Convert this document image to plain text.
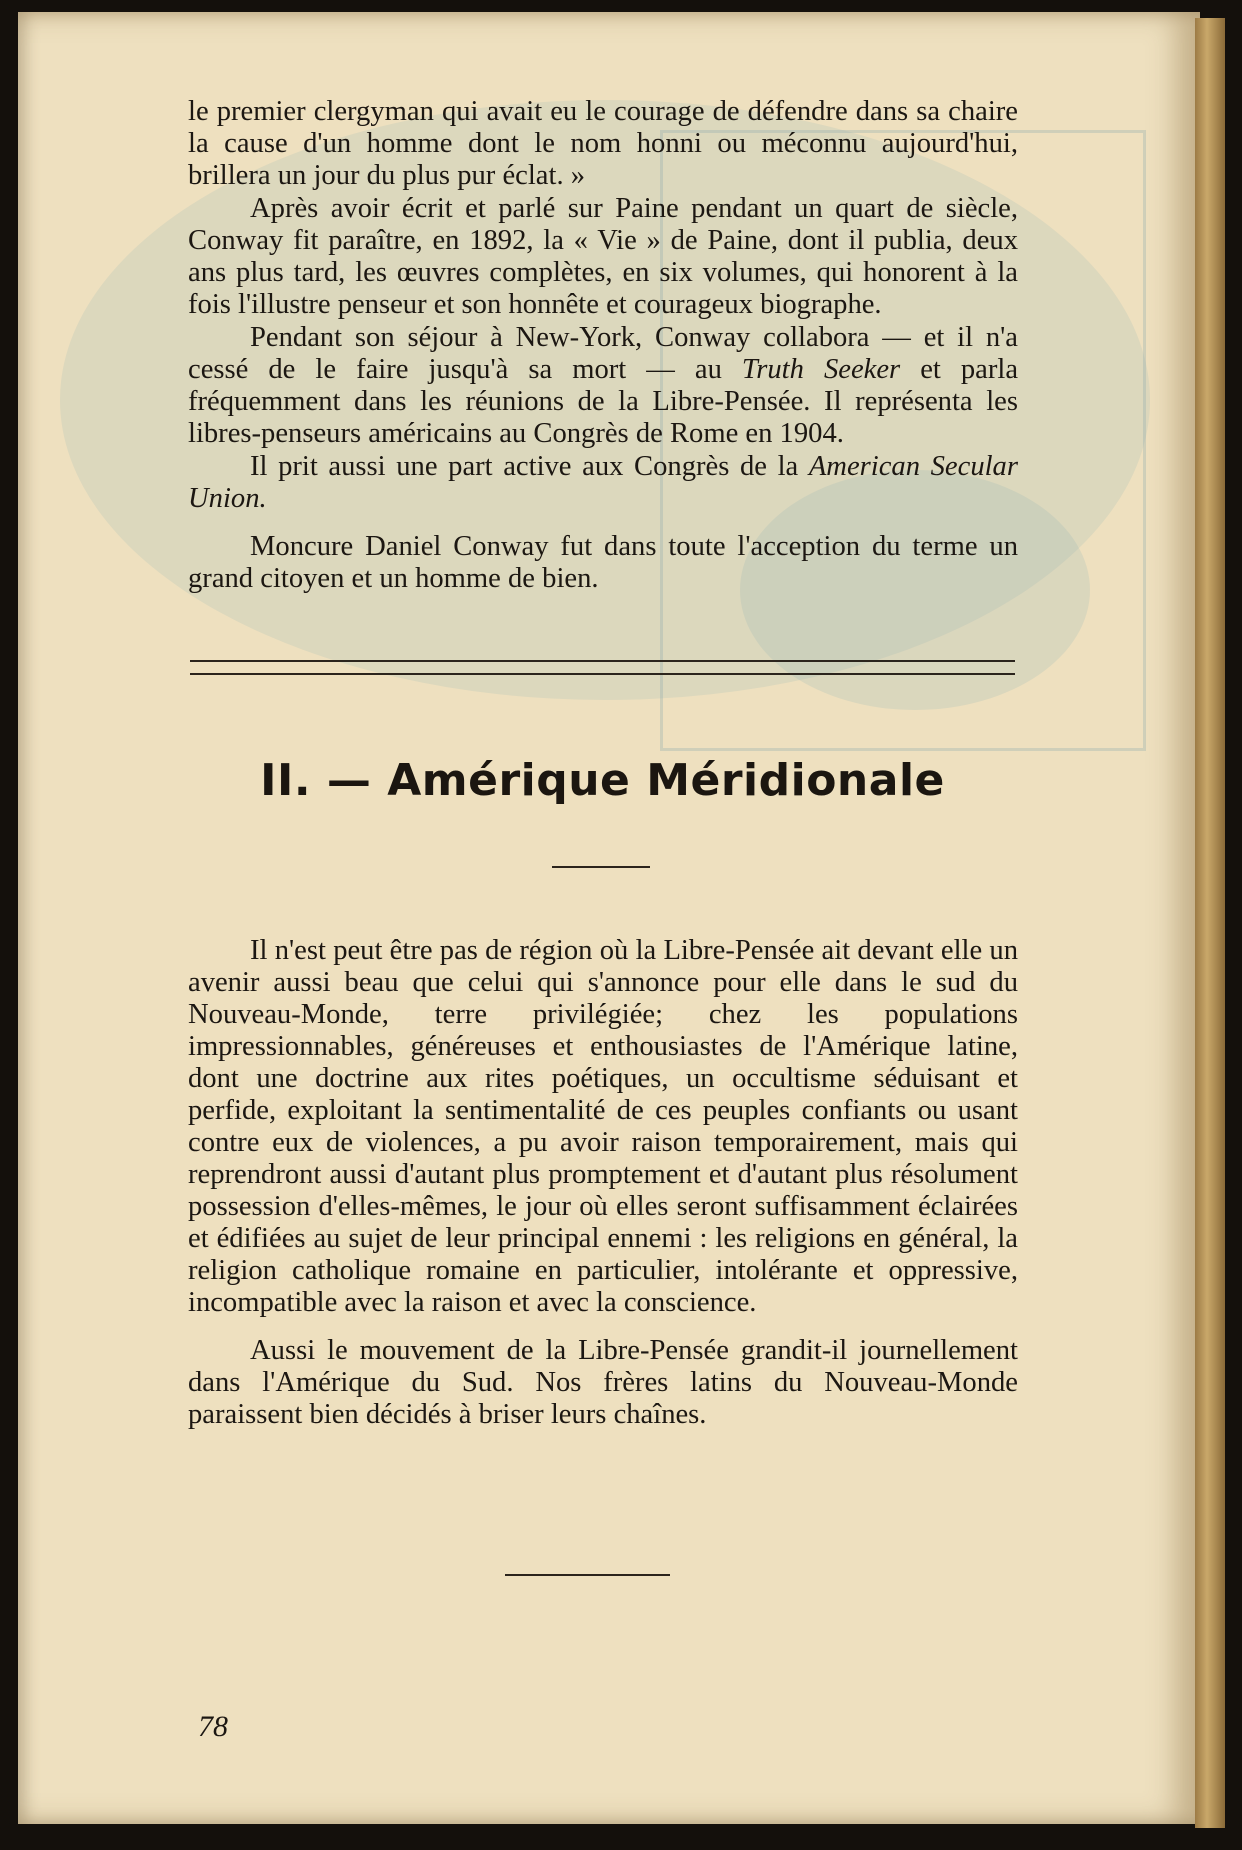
le premier clergyman qui avait eu le courage de défendre dans sa chaire la cause d'un homme dont le nom honni ou méconnu aujourd'hui, brillera un jour du plus pur éclat. »

Après avoir écrit et parlé sur Paine pendant un quart de siècle, Conway fit paraître, en 1892, la « Vie » de Paine, dont il publia, deux ans plus tard, les œuvres complètes, en six volumes, qui honorent à la fois l'illustre penseur et son honnête et courageux biographe.

Pendant son séjour à New-York, Conway collabora — et il n'a cessé de le faire jusqu'à sa mort — au Truth Seeker et parla fréquemment dans les réunions de la Libre-Pensée. Il représenta les libres-penseurs américains au Congrès de Rome en 1904.

Il prit aussi une part active aux Congrès de la American Secular Union.

Moncure Daniel Conway fut dans toute l'acception du terme un grand citoyen et un homme de bien.

II. — Amérique Méridionale

Il n'est peut être pas de région où la Libre-Pensée ait devant elle un avenir aussi beau que celui qui s'annonce pour elle dans le sud du Nouveau-Monde, terre privilégiée; chez les populations impressionnables, généreuses et enthousiastes de l'Amérique latine, dont une doctrine aux rites poétiques, un occultisme séduisant et perfide, exploitant la sentimentalité de ces peuples confiants ou usant contre eux de violences, a pu avoir raison temporairement, mais qui reprendront aussi d'autant plus promptement et d'autant plus résolument possession d'elles-mêmes, le jour où elles seront suffisamment éclairées et édifiées au sujet de leur principal ennemi : les religions en général, la religion catholique romaine en particulier, intolérante et oppressive, incompatible avec la raison et avec la conscience.

Aussi le mouvement de la Libre-Pensée grandit-il journellement dans l'Amérique du Sud. Nos frères latins du Nouveau-Monde paraissent bien décidés à briser leurs chaînes.

78
